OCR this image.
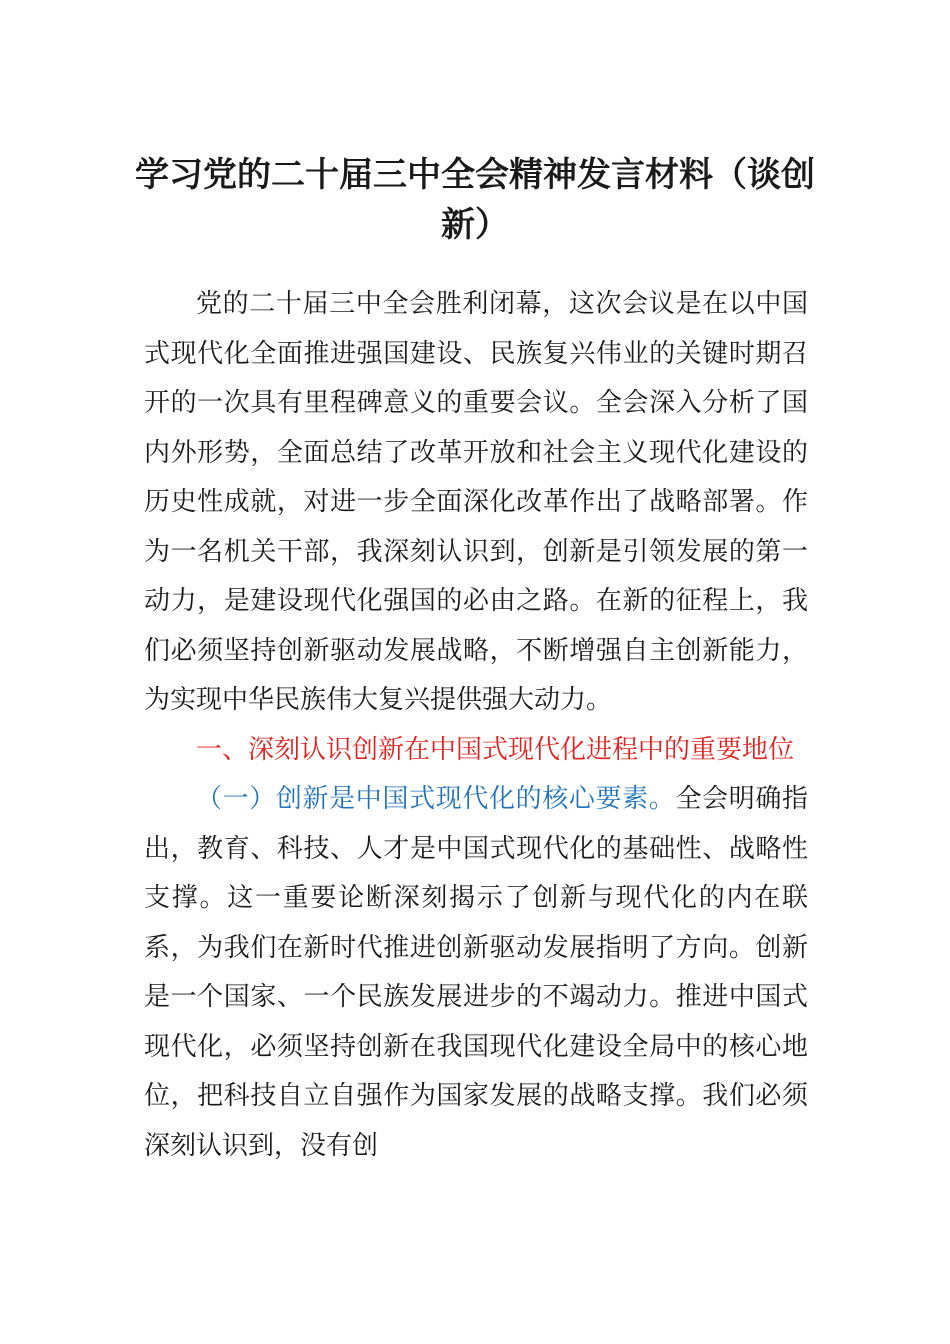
学习党的二十届三中全会精神发言材料（谈创新）

党的二十届三中全会胜利闭幕，这次会议是在以中国式现代化全面推进强国建设、民族复兴伟业的关键时期召开的一次具有里程碑意义的重要会议。全会深入分析了国内外形势，全面总结了改革开放和社会主义现代化建设的历史性成就，对进一步全面深化改革作出了战略部署。作为一名机关干部，我深刻认识到，创新是引领发展的第一动力，是建设现代化强国的必由之路。在新的征程上，我们必须坚持创新驱动发展战略，不断增强自主创新能力，为实现中华民族伟大复兴提供强大动力。

一、深刻认识创新在中国式现代化进程中的重要地位

（一）创新是中国式现代化的核心要素。全会明确指出，教育、科技、人才是中国式现代化的基础性、战略性支撑。这一重要论断深刻揭示了创新与现代化的内在联系，为我们在新时代推进创新驱动发展指明了方向。创新是一个国家、一个民族发展进步的不竭动力。推进中国式现代化，必须坚持创新在我国现代化建设全局中的核心地位，把科技自立自强作为国家发展的战略支撑。我们必须深刻认识到，没有创
